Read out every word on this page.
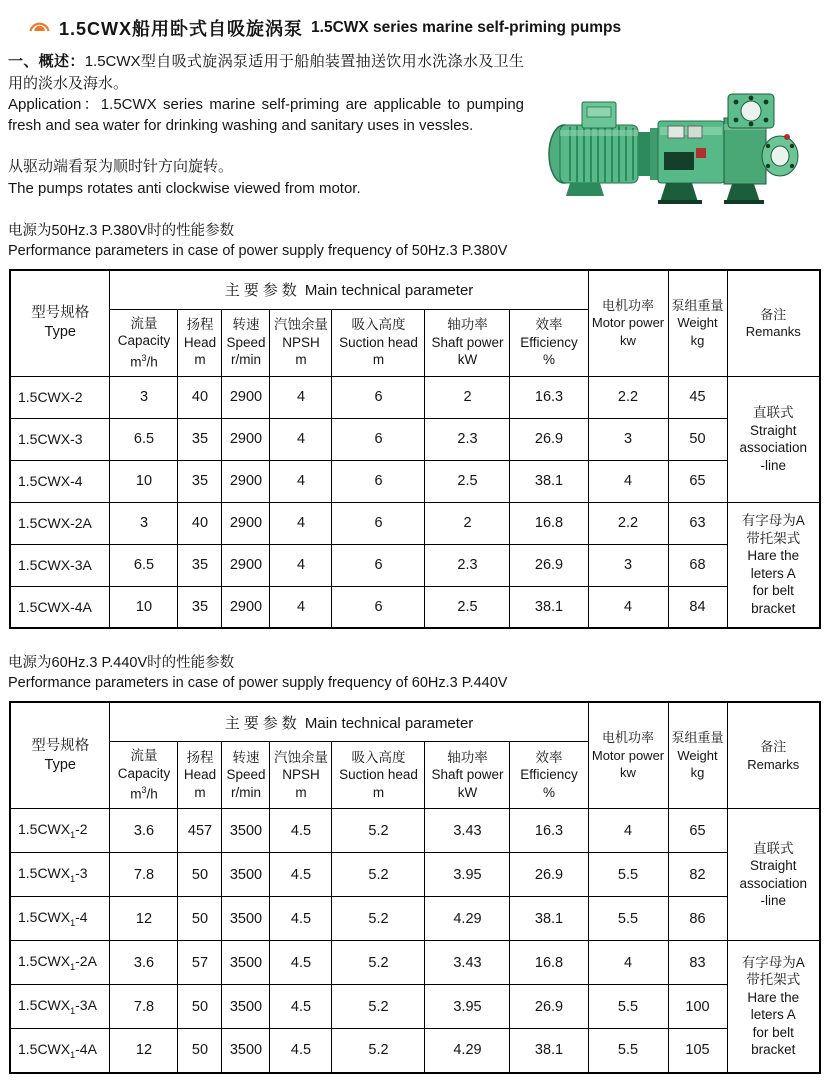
1.5CWX船用卧式自吸旋涡泵 1.5CWX series marine self-priming pumps

一、概述：1.5CWX型自吸式旋涡泵适用于船舶装置抽送饮用水洗涤水及卫生用的淡水及海水。

Application：1.5CWX series marine self-priming are applicable to pumping fresh and sea water for drinking washing and sanitary uses in vessles.

从驱动端看泵为顺时针方向旋转。

The pumps rotates anti clockwise viewed from motor.

电源为50Hz.3 P.380V时的性能参数

Performance parameters in case of power supply frequency of 50Hz.3 P.380V

型号规格
Type
	主要参数 Main technical parameter	
电机功率
Motor power
kw

泵组重量
Weight
kg

备注
Remanks

流量
Capacity
$m^3/h$

扬程
Head
m

转速
Speed
r/min

汽蚀余量
NPSH
m

吸入高度
Suction head
m

轴功率
Shaft power
kW

效率
Efficiency
%

1.5CWX-2	3	40	2900	4	6	2	16.3	2.2	45	直联式
Straight
association
-line
1.5CWX-3	6.5	35	2900	4	6	2.3	26.9	3	50	
1.5CWX-4	10	35	2900	4	6	2.5	38.1	4	65	
1.5CWX-2A	3	40	2900	4	6	2	16.8	2.2	63	有字母为A
带托架式
Hare the
leters A
for belt
bracket
1.5CWX-3A	6.5	35	2900	4	6	2.3	26.9	3	68	
1.5CWX-4A	10	35	2900	4	6	2.5	38.1	4	84	

电源为60Hz.3 P.440V时的性能参数

Performance parameters in case of power supply frequency of 60Hz.3 P.440V

型号规格
Type
	主要参数 Main technical parameter	
电机功率
Motor power
kw

泵组重量
Weight
kg

备注
Remarks

流量
Capacity
$m^3/h$

扬程
Head
m

转速
Speed
r/min

汽蚀余量
NPSH
m

吸入高度
Suction head
m

轴功率
Shaft power
kW

效率
Efficiency
%

$1.5CWX_1-2$	3.6	457	3500	4.5	5.2	3.43	16.3	4	65	直联式
Straight
association
-line
$1.5CWX_1-3$	7.8	50	3500	4.5	5.2	3.95	26.9	5.5	82	
$1.5CWX_1-4$	12	50	3500	4.5	5.2	4.29	38.1	5.5	86	
$1.5CWX_1-2A$	3.6	57	3500	4.5	5.2	3.43	16.8	4	83	有字母为A
带托架式
Hare the
leters A
for belt
bracket
$1.5CWX_1-3A$	7.8	50	3500	4.5	5.2	3.95	26.9	5.5	100	
$1.5CWX_1-4A$	12	50	3500	4.5	5.2	4.29	38.1	5.5	105	
